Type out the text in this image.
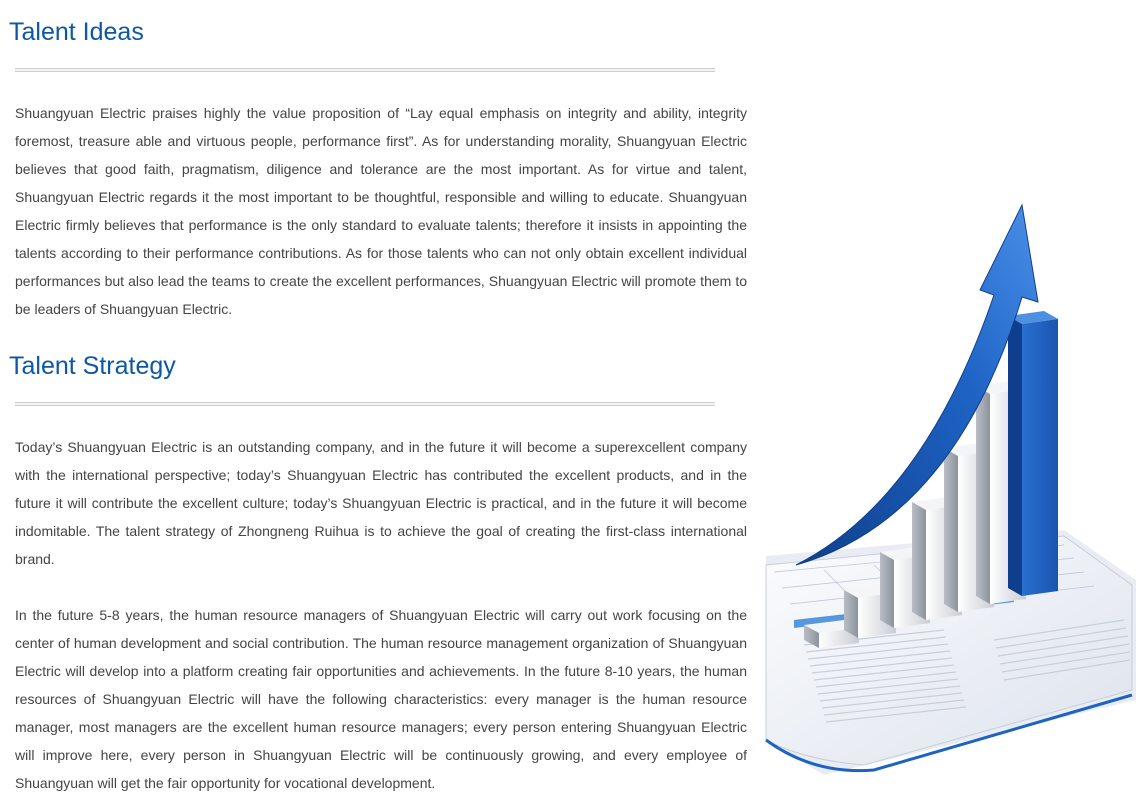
Talent Ideas

Shuangyuan Electric praises highly the value proposition of “Lay equal emphasis on integrity and ability, integrity foremost, treasure able and virtuous people, performance first”. As for understanding morality, Shuangyuan Electric believes that good faith, pragmatism, diligence and tolerance are the most important. As for virtue and talent, Shuangyuan Electric regards it the most important to be thoughtful, responsible and willing to educate. Shuangyuan Electric firmly believes that performance is the only standard to evaluate talents; therefore it insists in appointing the talents according to their performance contributions. As for those talents who can not only obtain excellent individual performances but also lead the teams to create the excellent performances, Shuangyuan Electric will promote them to be leaders of Shuangyuan Electric.

Talent Strategy

Today’s Shuangyuan Electric is an outstanding company, and in the future it will become a superexcellent company with the international perspective; today’s Shuangyuan Electric has contributed the excellent products, and in the future it will contribute the excellent culture; today’s Shuangyuan Electric is practical, and in the future it will become indomitable. The talent strategy of Zhongneng Ruihua is to achieve the goal of creating the first-class international brand.

In the future 5-8 years, the human resource managers of Shuangyuan Electric will carry out work focusing on the center of human development and social contribution. The human resource management organization of Shuangyuan Electric will develop into a platform creating fair opportunities and achievements. In the future 8-10 years, the human resources of Shuangyuan Electric will have the following characteristics: every manager is the human resource manager, most managers are the excellent human resource managers; every person entering Shuangyuan Electric will improve here, every person in Shuangyuan Electric will be continuously growing, and every employee of Shuangyuan will get the fair opportunity for vocational development.
